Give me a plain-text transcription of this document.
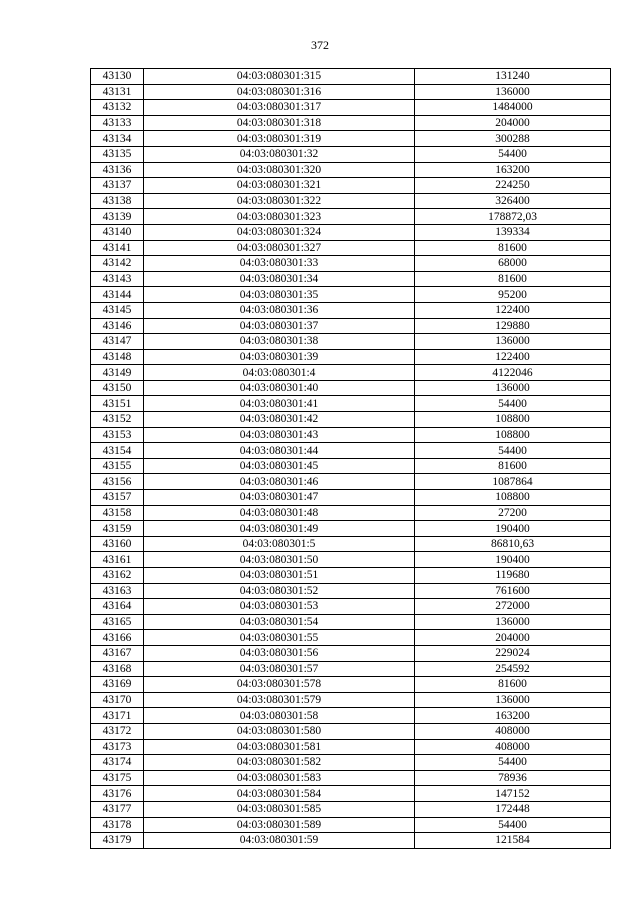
372
43130	04:03:080301:315	131240
43131	04:03:080301:316	136000
43132	04:03:080301:317	1484000
43133	04:03:080301:318	204000
43134	04:03:080301:319	300288
43135	04:03:080301:32	54400
43136	04:03:080301:320	163200
43137	04:03:080301:321	224250
43138	04:03:080301:322	326400
43139	04:03:080301:323	178872,03
43140	04:03:080301:324	139334
43141	04:03:080301:327	81600
43142	04:03:080301:33	68000
43143	04:03:080301:34	81600
43144	04:03:080301:35	95200
43145	04:03:080301:36	122400
43146	04:03:080301:37	129880
43147	04:03:080301:38	136000
43148	04:03:080301:39	122400
43149	04:03:080301:4	4122046
43150	04:03:080301:40	136000
43151	04:03:080301:41	54400
43152	04:03:080301:42	108800
43153	04:03:080301:43	108800
43154	04:03:080301:44	54400
43155	04:03:080301:45	81600
43156	04:03:080301:46	1087864
43157	04:03:080301:47	108800
43158	04:03:080301:48	27200
43159	04:03:080301:49	190400
43160	04:03:080301:5	86810,63
43161	04:03:080301:50	190400
43162	04:03:080301:51	119680
43163	04:03:080301:52	761600
43164	04:03:080301:53	272000
43165	04:03:080301:54	136000
43166	04:03:080301:55	204000
43167	04:03:080301:56	229024
43168	04:03:080301:57	254592
43169	04:03:080301:578	81600
43170	04:03:080301:579	136000
43171	04:03:080301:58	163200
43172	04:03:080301:580	408000
43173	04:03:080301:581	408000
43174	04:03:080301:582	54400
43175	04:03:080301:583	78936
43176	04:03:080301:584	147152
43177	04:03:080301:585	172448
43178	04:03:080301:589	54400
43179	04:03:080301:59	121584
